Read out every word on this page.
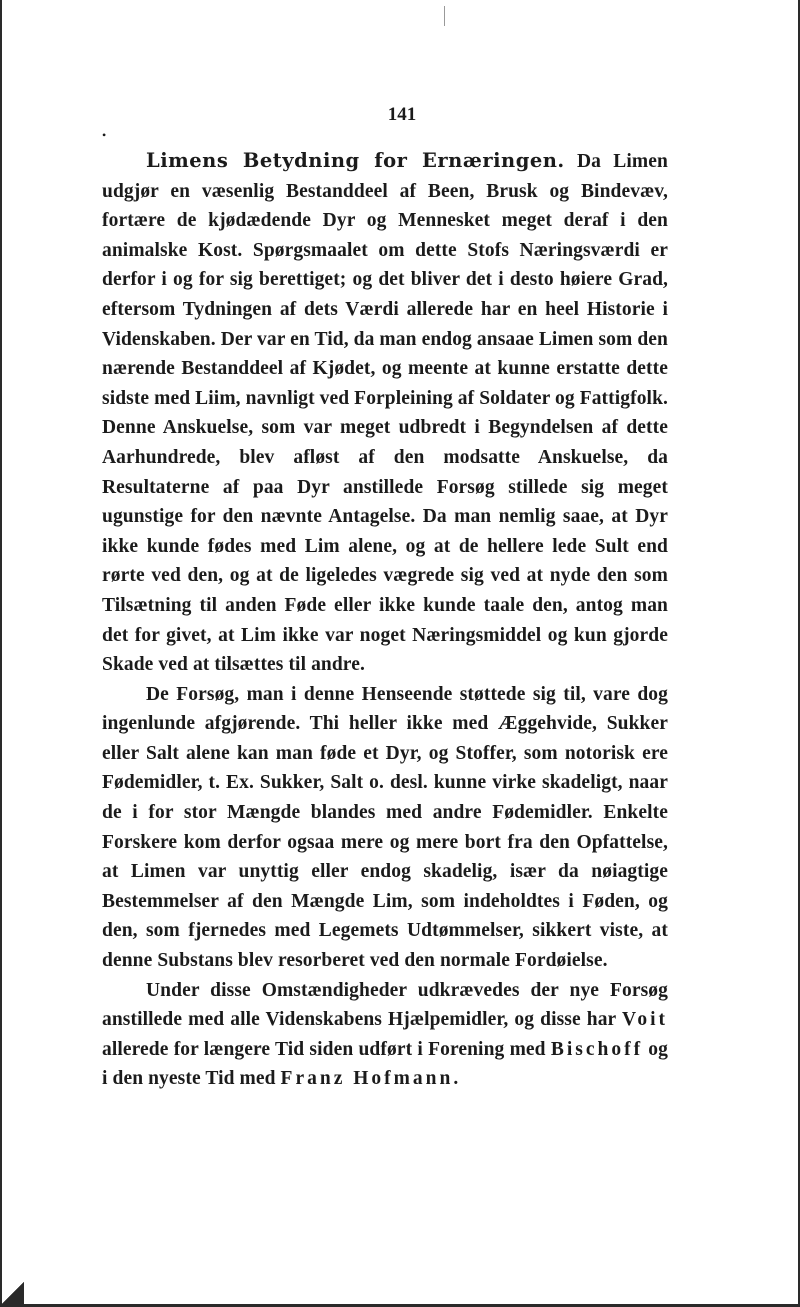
•
141

Limens Betydning for Ernæringen. Da Limen udgjør en væsenlig Bestanddeel af Been, Brusk og Bindevæv, fortære de kjødædende Dyr og Mennesket meget deraf i den animalske Kost. Spørgsmaalet om dette Stofs Næringsværdi er derfor i og for sig berettiget; og det bliver det i desto høiere Grad, eftersom Tydningen af dets Værdi allerede har en heel Historie i Videnskaben. Der var en Tid, da man endog ansaae Limen som den nærende Bestanddeel af Kjødet, og meente at kunne erstatte dette sidste med Liim, navnligt ved Forpleining af Soldater og Fattigfolk. Denne Anskuelse, som var meget udbredt i Begyndelsen af dette Aarhundrede, blev afløst af den modsatte Anskuelse, da Resultaterne af paa Dyr anstillede Forsøg stillede sig meget ugunstige for den nævnte Antagelse. Da man nemlig saae, at Dyr ikke kunde fødes med Lim alene, og at de hellere lede Sult end rørte ved den, og at de ligeledes vægrede sig ved at nyde den som Tilsætning til anden Føde eller ikke kunde taale den, antog man det for givet, at Lim ikke var noget Næringsmiddel og kun gjorde Skade ved at tilsættes til andre.

De Forsøg, man i denne Henseende støttede sig til, vare dog ingenlunde afgjørende. Thi heller ikke med Æggehvide, Sukker eller Salt alene kan man føde et Dyr, og Stoffer, som notorisk ere Fødemidler, t. Ex. Sukker, Salt o. desl. kunne virke skadeligt, naar de i for stor Mængde blandes med andre Fødemidler. Enkelte Forskere kom derfor ogsaa mere og mere bort fra den Opfattelse, at Limen var unyttig eller endog skadelig, især da nøiagtige Bestemmelser af den Mængde Lim, som indeholdtes i Føden, og den, som fjernedes med Legemets Udtømmelser, sikkert viste, at denne Substans blev resorberet ved den normale Fordøielse.

Under disse Omstændigheder udkrævedes der nye Forsøg anstillede med alle Videnskabens Hjælpemidler, og disse har Voit allerede for længere Tid siden udført i Forening med Bischoff og i den nyeste Tid med Franz Hofmann.
